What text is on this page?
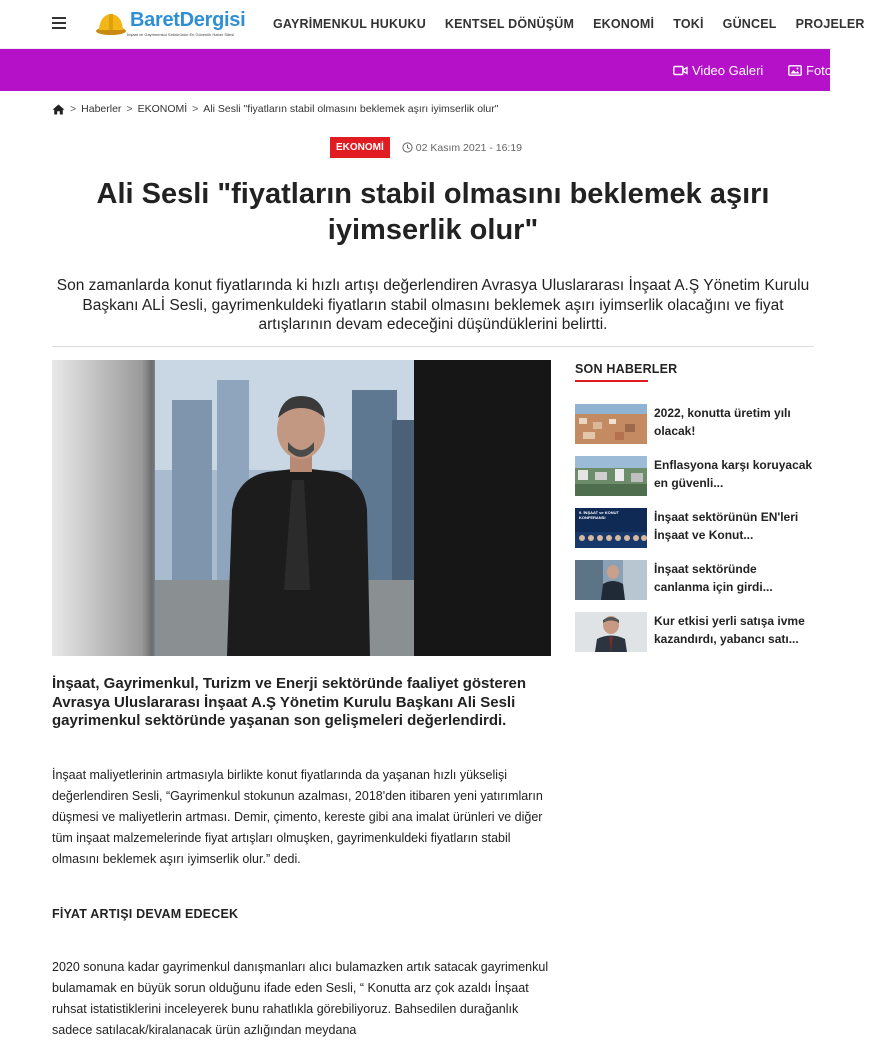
BaretDergisi
İnşaat ve Gayrimenkul Sektörünün En Güvenilir Haber Sitesi
GAYRİMENKUL HUKUKU KENTSEL DÖNÜŞÜM EKONOMİ TOKİ GÜNCEL PROJELER
Video Galeri	Foto
> Haberler > EKONOMİ > Ali Sesli "fiyatların stabil olmasını beklemek aşırı iyimserlik olur"
EKONOMİ	02 Kasım 2021 - 16:19
Ali Sesli "fiyatların stabil olmasını beklemek aşırı iyimserlik olur"

Son zamanlarda konut fiyatlarında ki hızlı artışı değerlendiren Avrasya Uluslararası İnşaat A.Ş Yönetim Kurulu Başkanı ALİ Sesli, gayrimenkuldeki fiyatların stabil olmasını beklemek aşırı iyimserlik olacağını ve fiyat artışlarının devam edeceğini düşündüklerini belirtti.

SON HABERLER
2022, konutta üretim yılı olacak!
Enflasyona karşı koruyacak en güvenli...
9. İNŞAAT ve KONUT KONFERANSI	İnşaat sektörünün EN'leri İnşaat ve Konut...
İnşaat sektöründe canlanma için girdi...
Kur etkisi yerli satışa ivme kazandırdı, yabancı satı...

İnşaat, Gayrimenkul, Turizm ve Enerji sektöründe faaliyet gösteren Avrasya Uluslararası İnşaat A.Ş Yönetim Kurulu Başkanı Ali Sesli gayrimenkul sektöründe yaşanan son gelişmeleri değerlendirdi.

İnşaat maliyetlerinin artmasıyla birlikte konut fiyatlarında da yaşanan hızlı yükselişi değerlendiren Sesli, “Gayrimenkul stokunun azalması, 2018'den itibaren yeni yatırımların düşmesi ve maliyetlerin artması. Demir, çimento, kereste gibi ana imalat ürünleri ve diğer tüm inşaat malzemelerinde fiyat artışları olmuşken, gayrimenkuldeki fiyatların stabil olmasını beklemek aşırı iyimserlik olur.” dedi.

FİYAT ARTIŞI DEVAM EDECEK

2020 sonuna kadar gayrimenkul danışmanları alıcı bulamazken artık satacak gayrimenkul bulamamak en büyük sorun olduğunu ifade eden Sesli, “ Konutta arz çok azaldı İnşaat ruhsat istatistiklerini inceleyerek bunu rahatlıkla görebiliyoruz. Bahsedilen durağanlık sadece satılacak/kiralanacak ürün azlığından meydana
